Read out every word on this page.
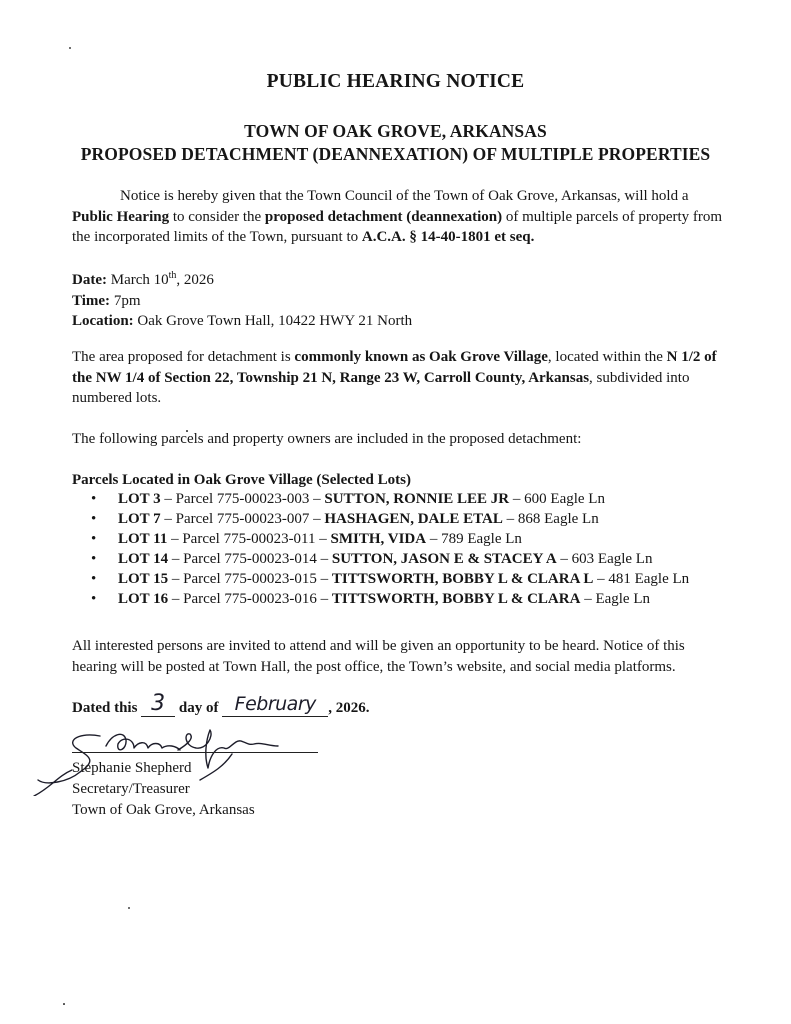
PUBLIC HEARING NOTICE
TOWN OF OAK GROVE, ARKANSAS
PROPOSED DETACHMENT (DEANNEXATION) OF MULTIPLE PROPERTIES
Notice is hereby given that the Town Council of the Town of Oak Grove, Arkansas, will hold a Public Hearing to consider the proposed detachment (deannexation) of multiple parcels of property from the incorporated limits of the Town, pursuant to A.C.A. § 14-40-1801 et seq.
Date: March 10th, 2026
Time: 7pm
Location: Oak Grove Town Hall, 10422 HWY 21 North
The area proposed for detachment is commonly known as Oak Grove Village, located within the N 1/2 of the NW 1/4 of Section 22, Township 21 N, Range 23 W, Carroll County, Arkansas, subdivided into numbered lots.
The following parcels and property owners are included in the proposed detachment:
Parcels Located in Oak Grove Village (Selected Lots)
• LOT 3 – Parcel 775-00023-003 – SUTTON, RONNIE LEE JR – 600 Eagle Ln
• LOT 7 – Parcel 775-00023-007 – HASHAGEN, DALE ETAL – 868 Eagle Ln
• LOT 11 – Parcel 775-00023-011 – SMITH, VIDA – 789 Eagle Ln
• LOT 14 – Parcel 775-00023-014 – SUTTON, JASON E & STACEY A – 603 Eagle Ln
• LOT 15 – Parcel 775-00023-015 – TITTSWORTH, BOBBY L & CLARA L – 481 Eagle Ln
• LOT 16 – Parcel 775-00023-016 – TITTSWORTH, BOBBY L & CLARA – Eagle Ln
All interested persons are invited to attend and will be given an opportunity to be heard. Notice of this hearing will be posted at Town Hall, the post office, the Town’s website, and social media platforms.
Dated this 3 day of February , 2026.
Stephanie Shepherd
Secretary/Treasurer
Town of Oak Grove, Arkansas
